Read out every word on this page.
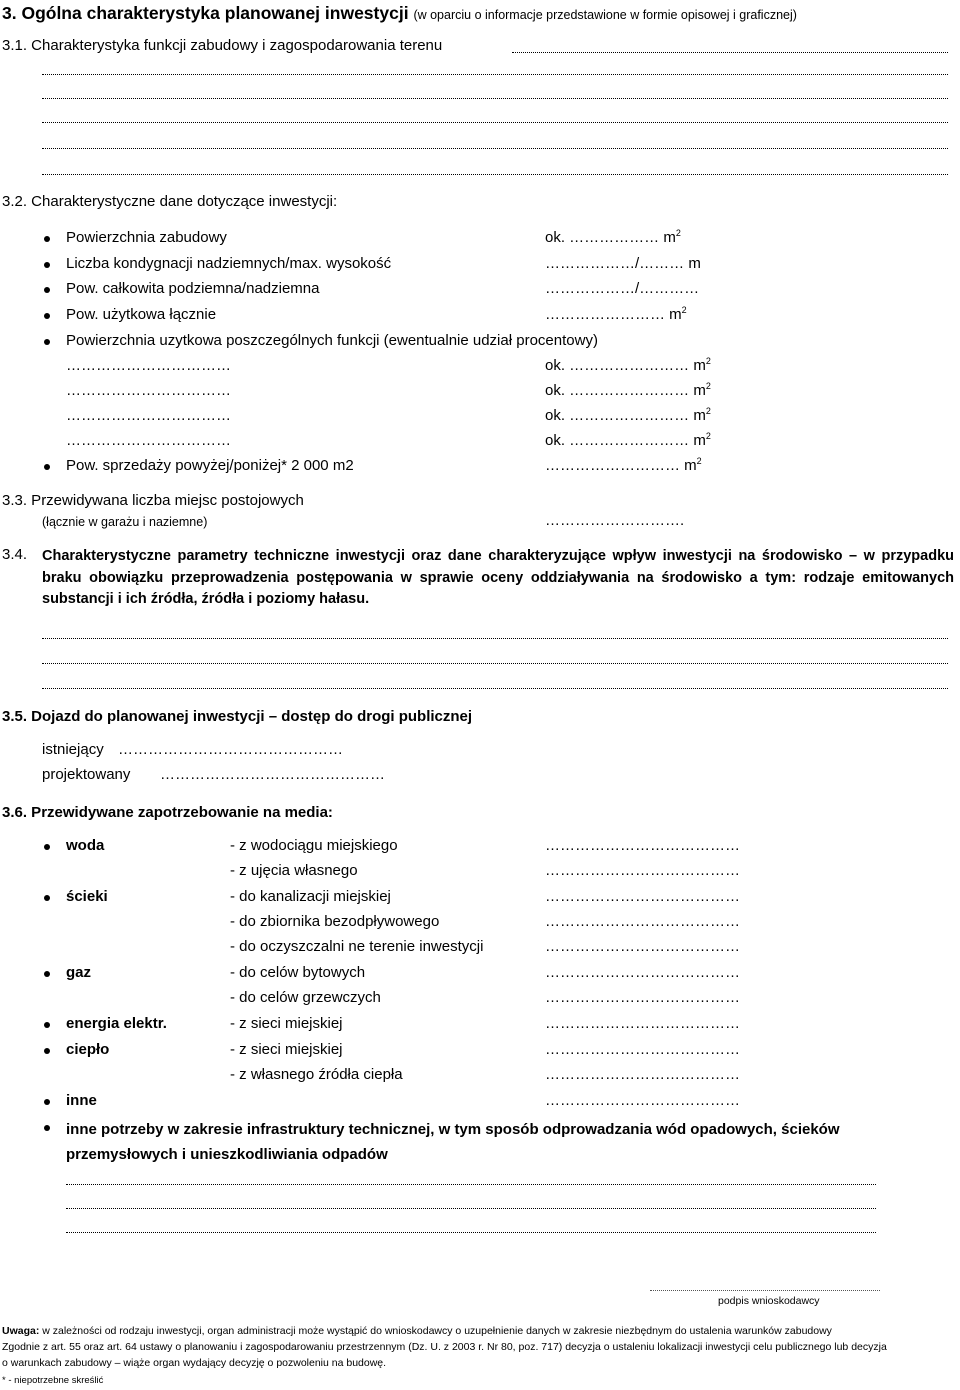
3. Ogólna charakterystyka planowanej inwestycji (w oparciu o informacje przedstawione w formie opisowej i graficznej)
3.1. Charakterystyka funkcji zabudowy i zagospodarowania terenu
3.2. Charakterystyczne dane dotyczące inwestycji:
Powierzchnia zabudowy	ok. ……………… $m^2$
Liczba kondygnacji nadziemnych/max. wysokość	………………/……… m
Pow. całkowita podziemna/nadziemna	………………/…………
Pow. użytkowa łącznie	…………………… $m^2$
Powierzchnia uzytkowa poszczególnych funkcji (ewentualnie udział procentowy)
……………………………	ok. …………………… $m^2$
……………………………	ok. …………………… $m^2$
……………………………	ok. …………………… $m^2$
……………………………	ok. …………………… $m^2$
Pow. sprzedaży powyżej/poniżej* 2 000 m2	……………………… $m^2$
3.3. Przewidywana liczba miejsc postojowych
(łącznie w garażu i naziemne)	……………………….
3.4. Charakterystyczne parametry techniczne inwestycji oraz dane charakteryzujące wpływ inwestycji na środowisko – w przypadku braku obowiązku przeprowadzenia postępowania w sprawie oceny oddziaływania na środowisko a tym: rodzaje emitowanych substancji i ich źródła, źródła i poziomy hałasu.
3.5. Dojazd do planowanej inwestycji – dostęp do drogi publicznej
istniejący ………………………………………
projektowany ………………………………………
3.6. Przewidywane zapotrzebowanie na media:
woda	- z wodociągu miejskiego	…………………………………
- z ujęcia własnego	…………………………………
ścieki	- do kanalizacji miejskiej	…………………………………
- do zbiornika bezodpływowego	…………………………………
- do oczyszczalni ne terenie inwestycji	…………………………………
gaz	- do celów bytowych	…………………………………
- do celów grzewczych	…………………………………
energia elektr.	- z sieci miejskiej	…………………………………
ciepło	- z sieci miejskiej	…………………………………
- z własnego źródła ciepła	…………………………………
inne	…………………………………
inne potrzeby w zakresie infrastruktury technicznej, w tym sposób odprowadzania wód opadowych, ścieków przemysłowych i unieszkodliwiania odpadów
podpis wnioskodawcy
Uwaga: w zależności od rodzaju inwestycji, organ administracji może wystąpić do wnioskodawcy o uzupełnienie danych w zakresie niezbędnym do ustalenia warunków zabudowy
Zgodnie z art. 55 oraz art. 64 ustawy o planowaniu i zagospodarowaniu przestrzennym (Dz. U. z 2003 r. Nr 80, poz. 717) decyzja o ustaleniu lokalizacji inwestycji celu publicznego lub decyzja
o warunkach zabudowy – wiąże organ wydający decyzję o pozwoleniu na budowę.
* - niepotrzebne skreślić
